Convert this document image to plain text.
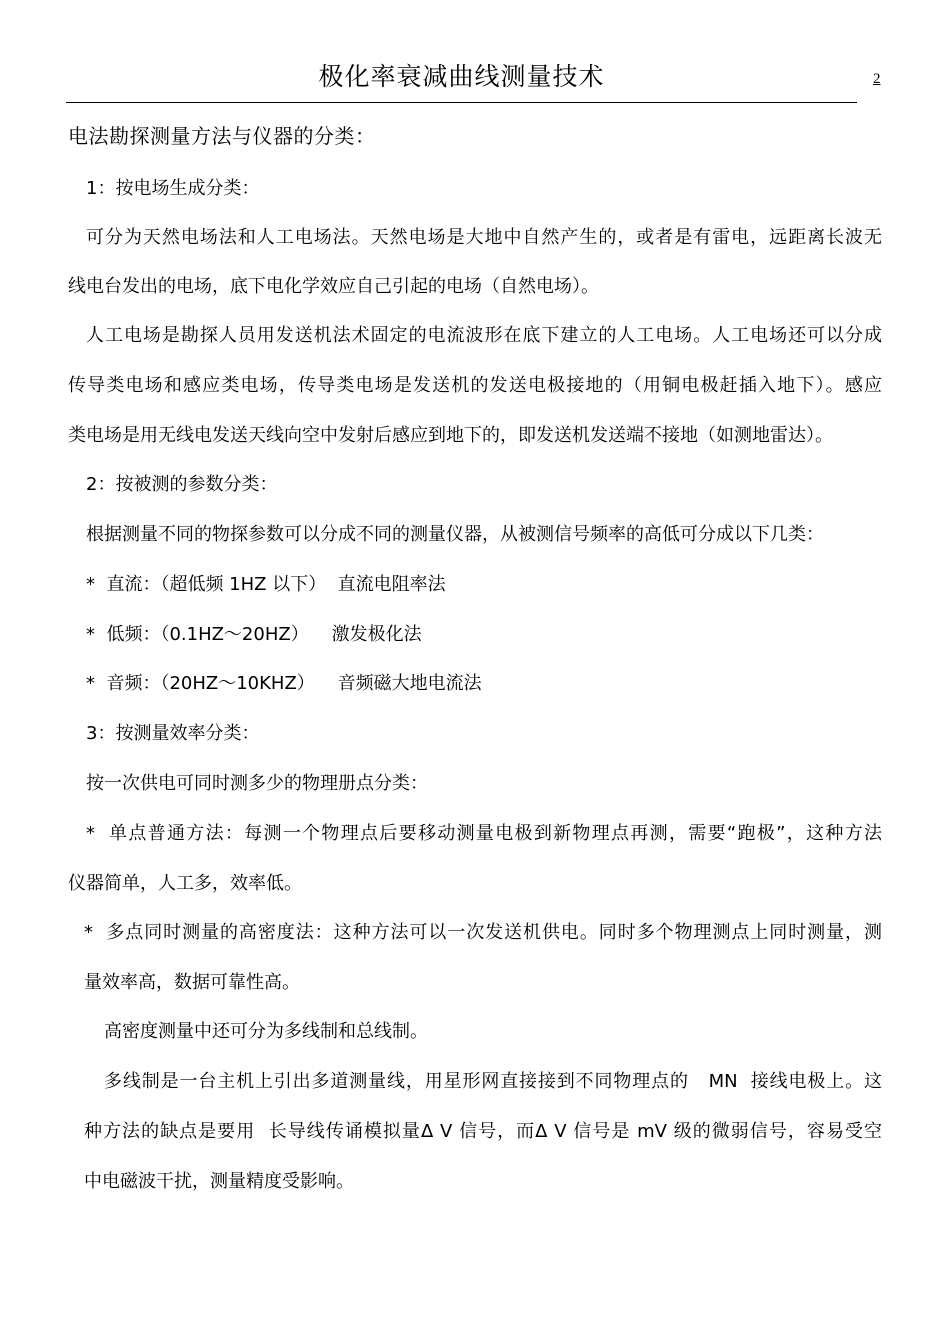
极化率衰减曲线测量技术	2
电法勘探测量方法与仪器的分类：
1：按电场生成分类：
可分为天然电场法和人工电场法。天然电场是大地中自然产生的，或者是有雷电，远距离长波无
线电台发出的电场，底下电化学效应自己引起的电场（自然电场）。
人工电场是勘探人员用发送机法术固定的电流波形在底下建立的人工电场。人工电场还可以分成
传导类电场和感应类电场，传导类电场是发送机的发送电极接地的（用铜电极赶插入地下）。感应
类电场是用无线电发送天线向空中发射后感应到地下的，即发送机发送端不接地（如测地雷达）。
2：按被测的参数分类：
根据测量不同的物探参数可以分成不同的测量仪器，从被测信号频率的高低可分成以下几类：
*  直流：（超低频 1HZ 以下）  直流电阻率法
*  低频：（0.1HZ～20HZ）    激发极化法
*  音频：（20HZ～10KHZ）    音频磁大地电流法
3：按测量效率分类：
按一次供电可同时测多少的物理册点分类：
*  单点普通方法：每测一个物理点后要移动测量电极到新物理点再测，需要“跑极”，这种方法
仪器简单，人工多，效率低。
*  多点同时测量的高密度法：这种方法可以一次发送机供电。同时多个物理测点上同时测量，测
量效率高，数据可靠性高。
高密度测量中还可分为多线制和总线制。
多线制是一台主机上引出多道测量线，用星形网直接接到不同物理点的   MN  接线电极上。这
种方法的缺点是要用  长导线传诵模拟量Δ V 信号，而Δ V 信号是 mV 级的微弱信号，容易受空
中电磁波干扰，测量精度受影响。
